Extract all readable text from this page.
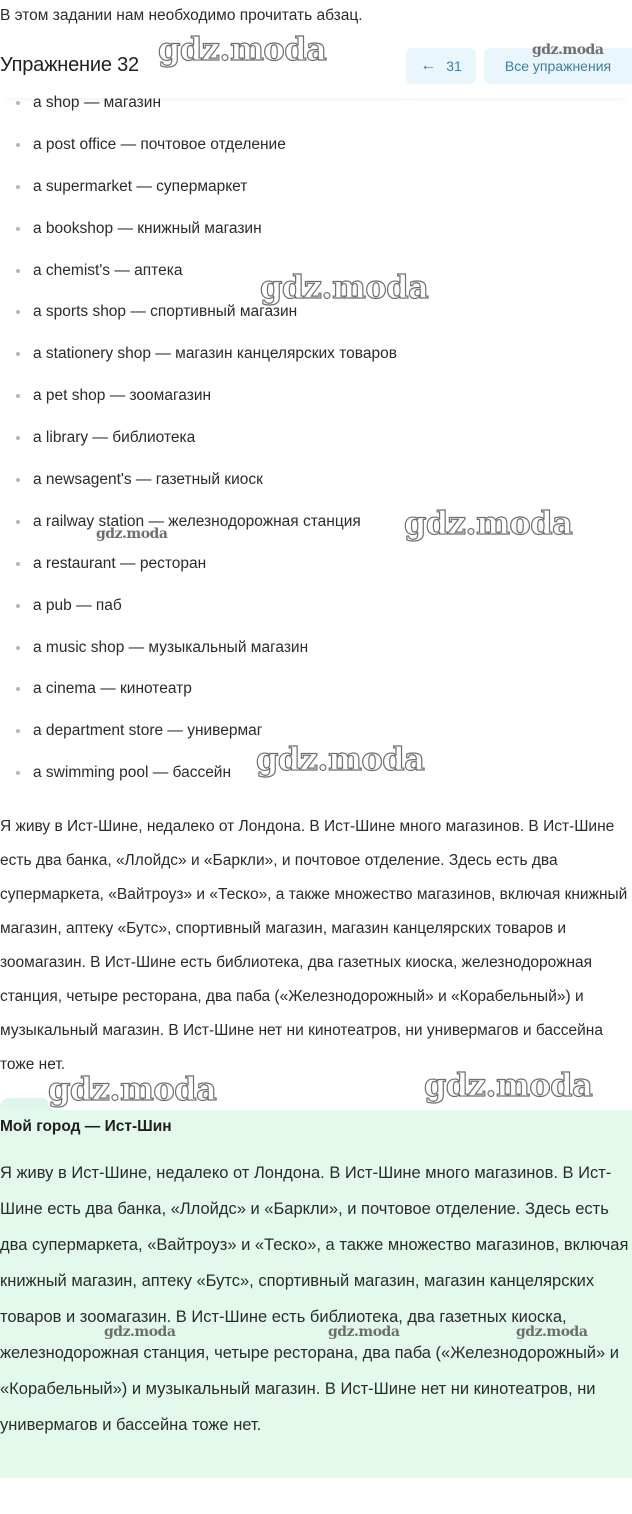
В этом задании нам необходимо прочитать абзац.
Упражнение 32	← 31	Все упражнения
a shop — магазин
a post office — почтовое отделение
a supermarket — супермаркет
a bookshop — книжный магазин
a chemist's — аптека
a sports shop — спортивный магазин
a stationery shop — магазин канцелярских товаров
a pet shop — зоомагазин
a library — библиотека
a newsagent's — газетный киоск
a railway station — железнодорожная станция
a restaurant — ресторан
a pub — паб
a music shop — музыкальный магазин
a cinema — кинотеатр
a department store — универмаг
a swimming pool — бассейн

Я живу в Ист-Шине, недалеко от Лондона. В Ист-Шине много магазинов. В Ист-Шине есть два банка, «Ллойдс» и «Баркли», и почтовое отделение. Здесь есть два супермаркета, «Вайтроуз» и «Теско», а также множество магазинов, включая книжный магазин, аптеку «Бутс», спортивный магазин, магазин канцелярских товаров и зоомагазин. В Ист-Шине есть библиотека, два газетных киоска, железнодорожная станция, четыре ресторана, два паба («Железнодорожный» и «Корабельный») и музыкальный магазин. В Ист-Шине нет ни кинотеатров, ни универмагов и бассейна тоже нет.

Мой город — Ист-Шин

Я живу в Ист-Шине, недалеко от Лондона. В Ист-Шине много магазинов. В Ист-Шине есть два банка, «Ллойдс» и «Баркли», и почтовое отделение. Здесь есть два супермаркета, «Вайтроуз» и «Теско», а также множество магазинов, включая книжный магазин, аптеку «Бутс», спортивный магазин, магазин канцелярских товаров и зоомагазин. В Ист-Шине есть библиотека, два газетных киоска, железнодорожная станция, четыре ресторана, два паба («Железнодорожный» и «Корабельный») и музыкальный магазин. В Ист-Шине нет ни кинотеатров, ни универмагов и бассейна тоже нет.

gdz.moda	gdz.moda
gdz.moda
gdz.moda
gdz.moda
gdz.moda
gdz.moda	gdz.moda
gdz.moda	gdz.moda	gdz.moda
